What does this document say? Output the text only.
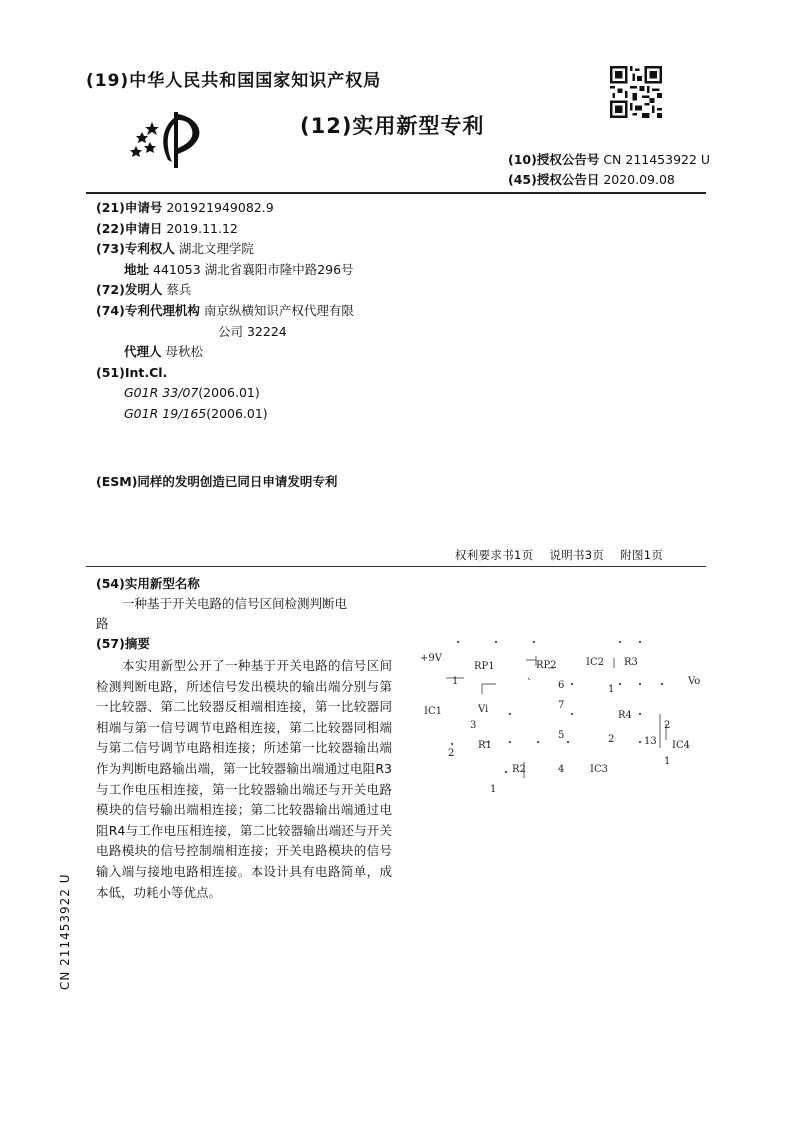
(19)中华人民共和国国家知识产权局
(12)实用新型专利
(10)授权公告号 CN 211453922 U
(45)授权公告日 2020.09.08
(21)申请号 201921949082.9
(22)申请日 2019.11.12
(73)专利权人 湖北文理学院
地址 441053 湖北省襄阳市隆中路296号
(72)发明人 蔡兵
(74)专利代理机构 南京纵横知识产权代理有限
公司 32224
代理人 母秋松
(51)Int.Cl.
G01R 33/07(2006.01)
G01R 19/165(2006.01)
(ESM)同样的发明创造已同日申请发明专利
权利要求书1页 说明书3页 附图1页
(54)实用新型名称
一种基于开关电路的信号区间检测判断电
路
(57)摘要

本实用新型公开了一种基于开关电路的信号区间检测判断电路，所述信号发出模块的输出端分别与第一比较器、第二比较器反相端相连接，第一比较器同相端与第一信号调节电路相连接，第二比较器同相端与第二信号调节电路相连接；所述第一比较器输出端作为判断电路输出端，第一比较器输出端通过电阻R3与工作电压相连接，第一比较器输出端还与开关电路模块的信号输出端相连接；第二比较器输出端通过电阻R4与工作电压相连接，第二比较器输出端还与开关电路模块的信号控制端相连接；开关电路模块的信号输入端与接地电路相连接。本设计具有电路简单，成本低，功耗小等优点。

CN 211453922 U
+9V
RP1	RP2	IC2 R3
Vo
1	6	1
IC1	Vi	7
R4
2
3
R1
5	2	13 IC4
2
1
R2	4	IC3
1
